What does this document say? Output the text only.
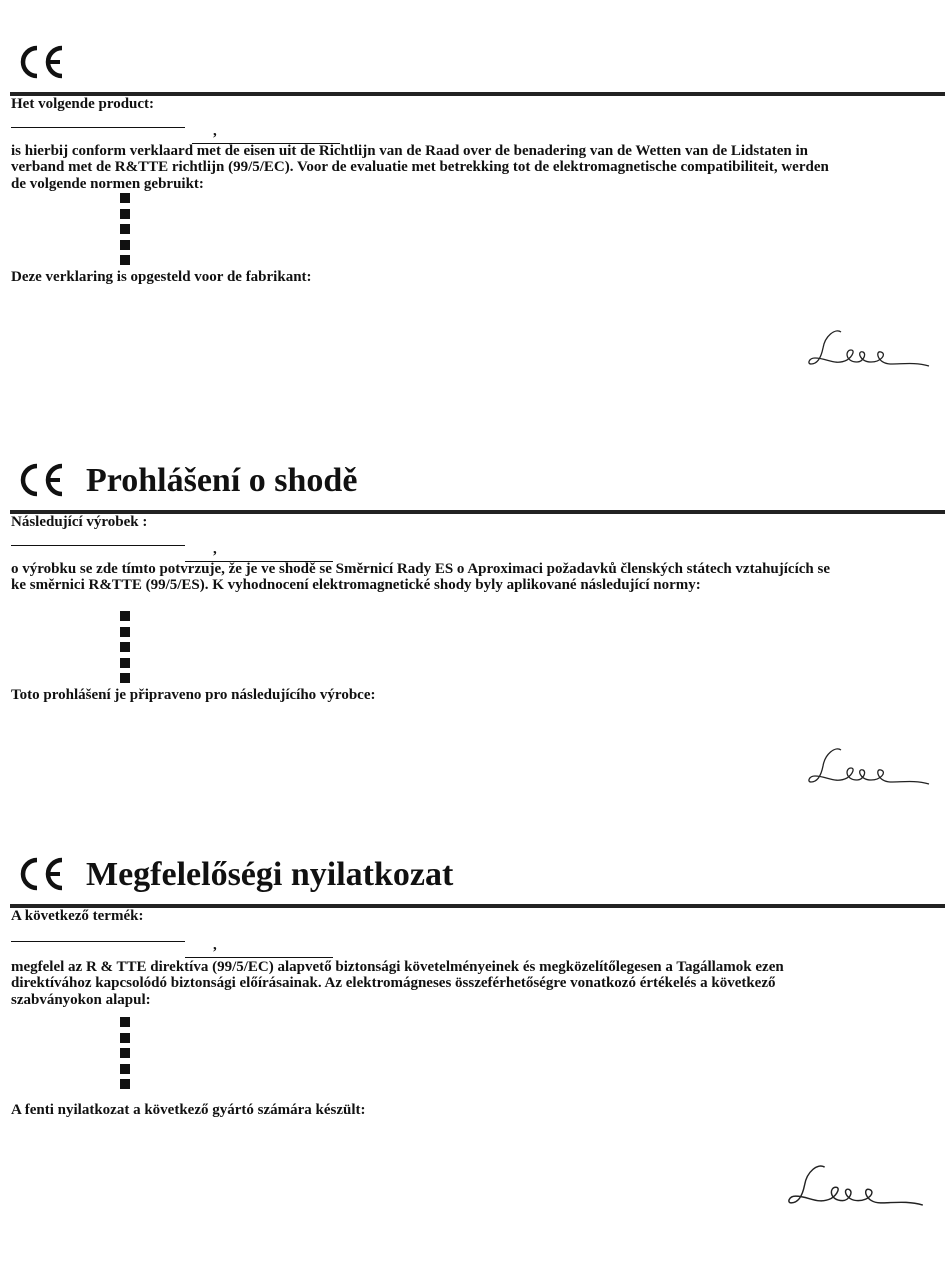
Het volgende product:
,

is hierbij conform verklaard met de eisen uit de Richtlijn van de Raad over de benadering van de Wetten van de Lidstaten in verband met de R&TTE richtlijn (99/5/EC). Voor de evaluatie met betrekking tot de elektromagnetische compatibiliteit, werden de volgende normen gebruikt:

Deze verklaring is opgesteld voor de fabrikant:
Prohlášení o shodě
Následující výrobek :
,

o výrobku se zde tímto potvrzuje, že je ve shodě se Směrnicí Rady ES o Aproximaci požadavků členských státech vztahujících se ke směrnici R&TTE (99/5/ES). K vyhodnocení elektromagnetické shody byly aplikované následující normy:

Toto prohlášení je připraveno pro následujícího výrobce:
Megfelelőségi nyilatkozat
A következő termék:
,

megfelel az R & TTE direktíva (99/5/EC) alapvető biztonsági követelményeinek és megközelítőlegesen a Tagállamok ezen direktívához kapcsolódó biztonsági előírásainak. Az elektromágneses összeférhetőségre vonatkozó értékelés a következő szabványokon alapul:

A fenti nyilatkozat a következő gyártó számára készült:
